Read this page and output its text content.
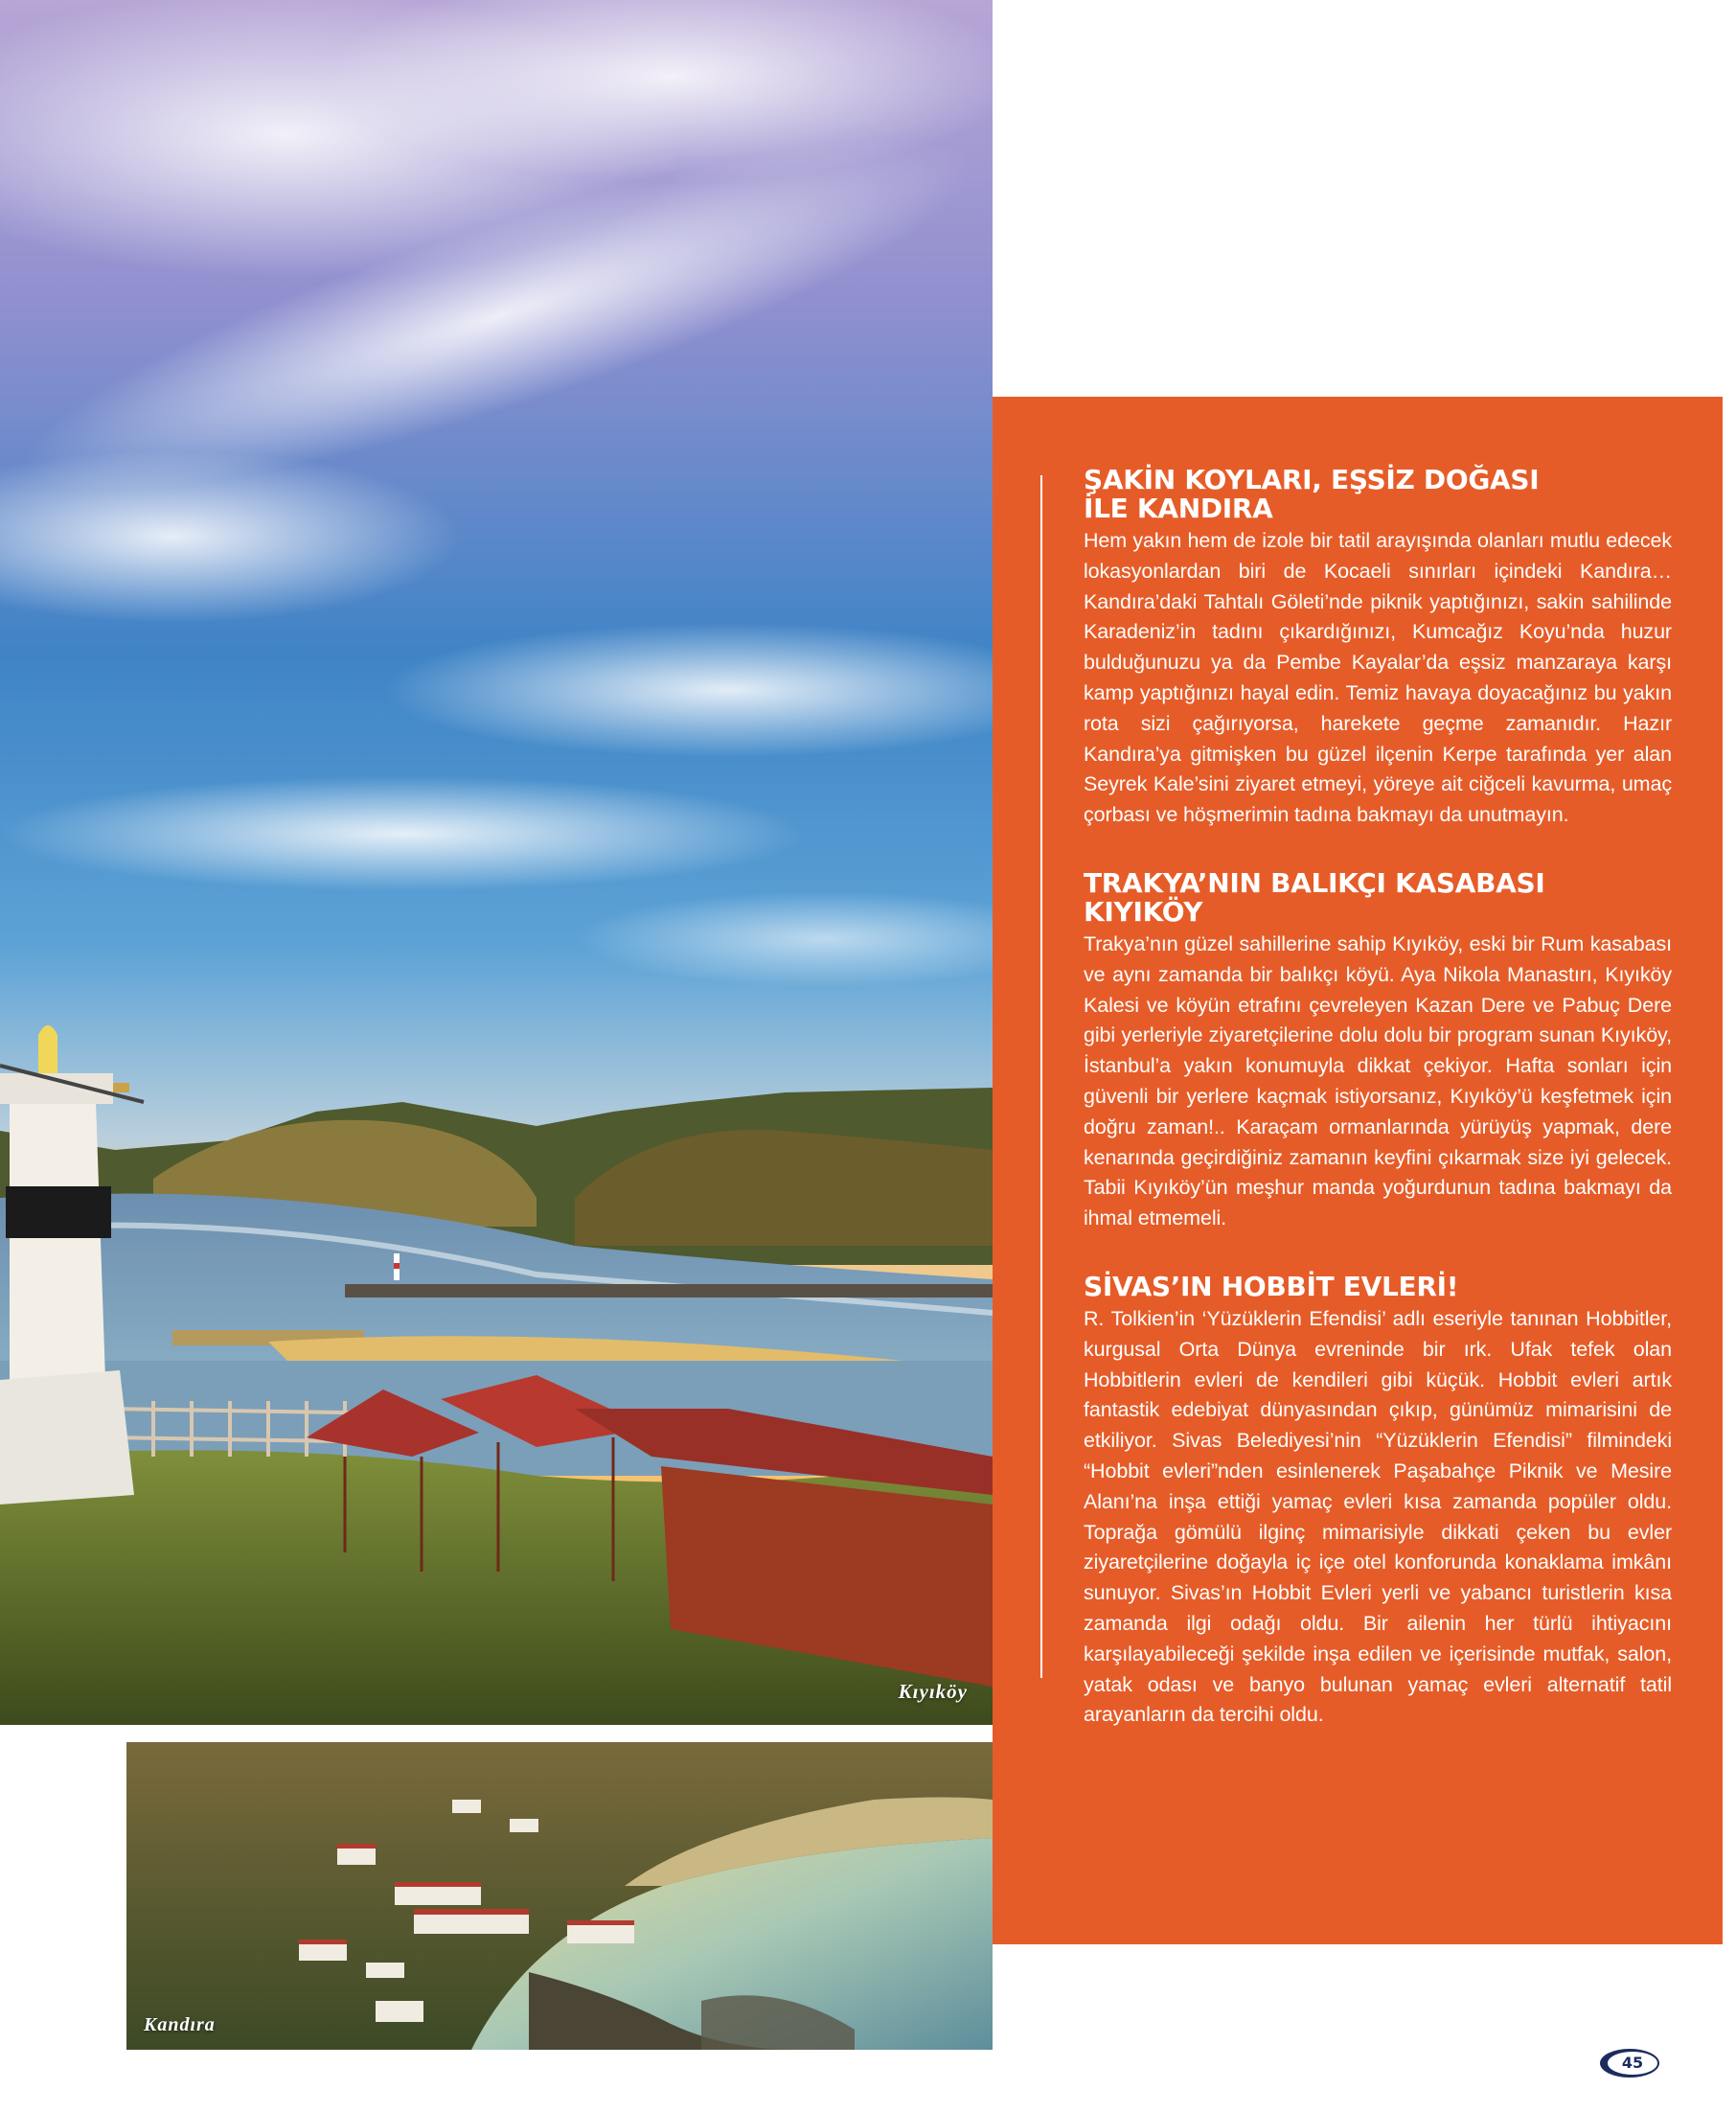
Kıyıköy
Kandıra
ŞAKİN KOYLARI, EŞSİZ DOĞASI
İLE KANDIRA

Hem yakın hem de izole bir tatil arayışında olanları mutlu edecek lokasyonlardan biri de Kocaeli sınırları içindeki Kandıra… Kandıra’daki Tahtalı Göleti’nde piknik yaptığınızı, sakin sahilinde Karadeniz’in tadını çıkardığınızı, Kumcağız Koyu’nda huzur bulduğunuzu ya da Pembe Kayalar’da eşsiz manzaraya karşı kamp yaptığınızı hayal edin. Temiz havaya doyacağınız bu yakın rota sizi çağırıyorsa, harekete geçme zamanıdır. Hazır Kandıra’ya gitmişken bu güzel ilçenin Kerpe tarafında yer alan Seyrek Kale’sini ziyaret etmeyi, yöreye ait ciğceli kavurma, umaç çorbası ve höşmerimin tadına bakmayı da unutmayın.

TRAKYA’NIN BALIKÇI KASABASI
KIYIKÖY

Trakya’nın güzel sahillerine sahip Kıyıköy, eski bir Rum kasabası ve aynı zamanda bir balıkçı köyü. Aya Nikola Manastırı, Kıyıköy Kalesi ve köyün etrafını çevreleyen Kazan Dere ve Pabuç Dere gibi yerleriyle ziyaretçilerine dolu dolu bir program sunan Kıyıköy, İstanbul’a yakın konumuyla dikkat çekiyor. Hafta sonları için güvenli bir yerlere kaçmak istiyorsanız, Kıyıköy’ü keşfetmek için doğru zaman!.. Karaçam ormanlarında yürüyüş yapmak, dere kenarında geçirdiğiniz zamanın keyfini çıkarmak size iyi gelecek. Tabii Kıyıköy’ün meşhur manda yoğurdunun tadına bakmayı da ihmal etmemeli.

SİVAS’IN HOBBİT EVLERİ!

R. Tolkien’in ‘Yüzüklerin Efendisi’ adlı eseriyle tanınan Hobbitler, kurgusal Orta Dünya evreninde bir ırk. Ufak tefek olan Hobbitlerin evleri de kendileri gibi küçük. Hobbit evleri artık fantastik edebiyat dünyasından çıkıp, günümüz mimarisini de etkiliyor. Sivas Belediyesi’nin “Yüzüklerin Efendisi” filmindeki “Hobbit evleri”nden esinlenerek Paşabahçe Piknik ve Mesire Alanı’na inşa ettiği yamaç evleri kısa zamanda popüler oldu. Toprağa gömülü ilginç mimarisiyle dikkati çeken bu evler ziyaretçilerine doğayla iç içe otel konforunda konaklama imkânı sunuyor. Sivas’ın Hobbit Evleri yerli ve yabancı turistlerin kısa zamanda ilgi odağı oldu. Bir ailenin her türlü ihtiyacını karşılayabileceği şekilde inşa edilen ve içerisinde mutfak, salon, yatak odası ve banyo bulunan yamaç evleri alternatif tatil arayanların da tercihi oldu.

45
